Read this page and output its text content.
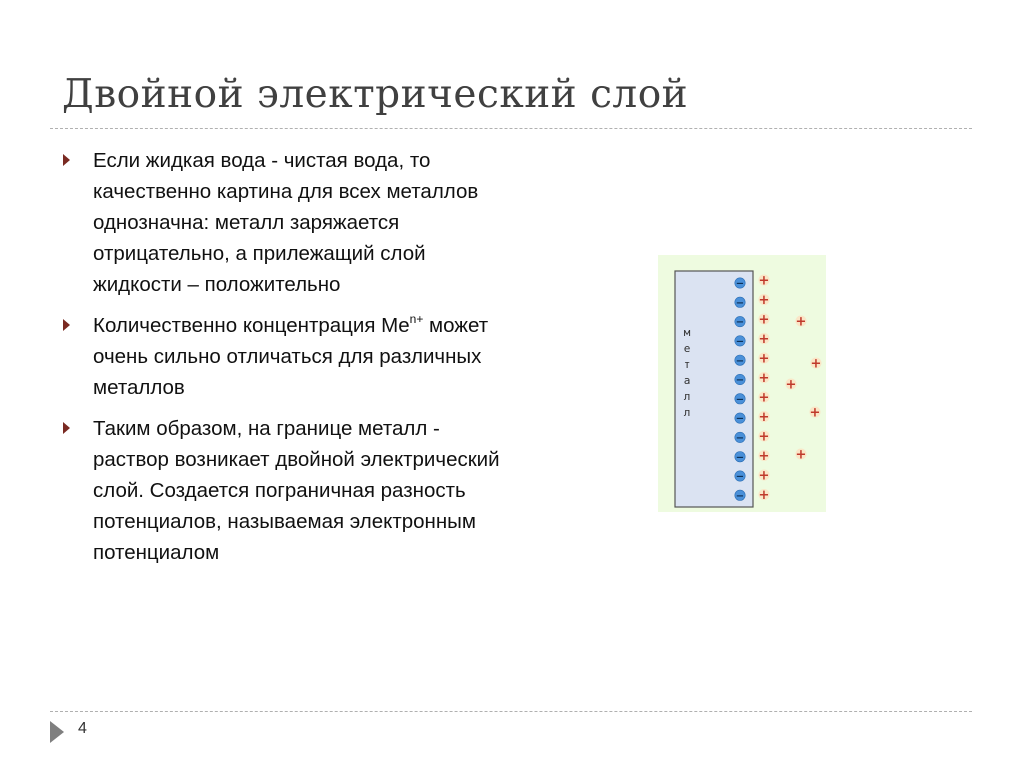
Двойной электрический слой
Если жидкая вода - чистая вода, то качественно картина для всех металлов однозначна: металл заряжается отрицательно, а прилежащий слой жидкости – положительно
Количественно концентрация $Me^{n+}$ может очень сильно отличаться для различных металлов
Таким образом, на границе металл - раствор возникает двойной электрический слой. Создается пограничная разность потенциалов, называемая электронным потенциалом
м
е
т
а
л
л
−
−
−
−
−
−
−
−
−
−
−
−
+
+
+
+
+
+
+
+
+
+
+
+
+
+
+
+
+
4
